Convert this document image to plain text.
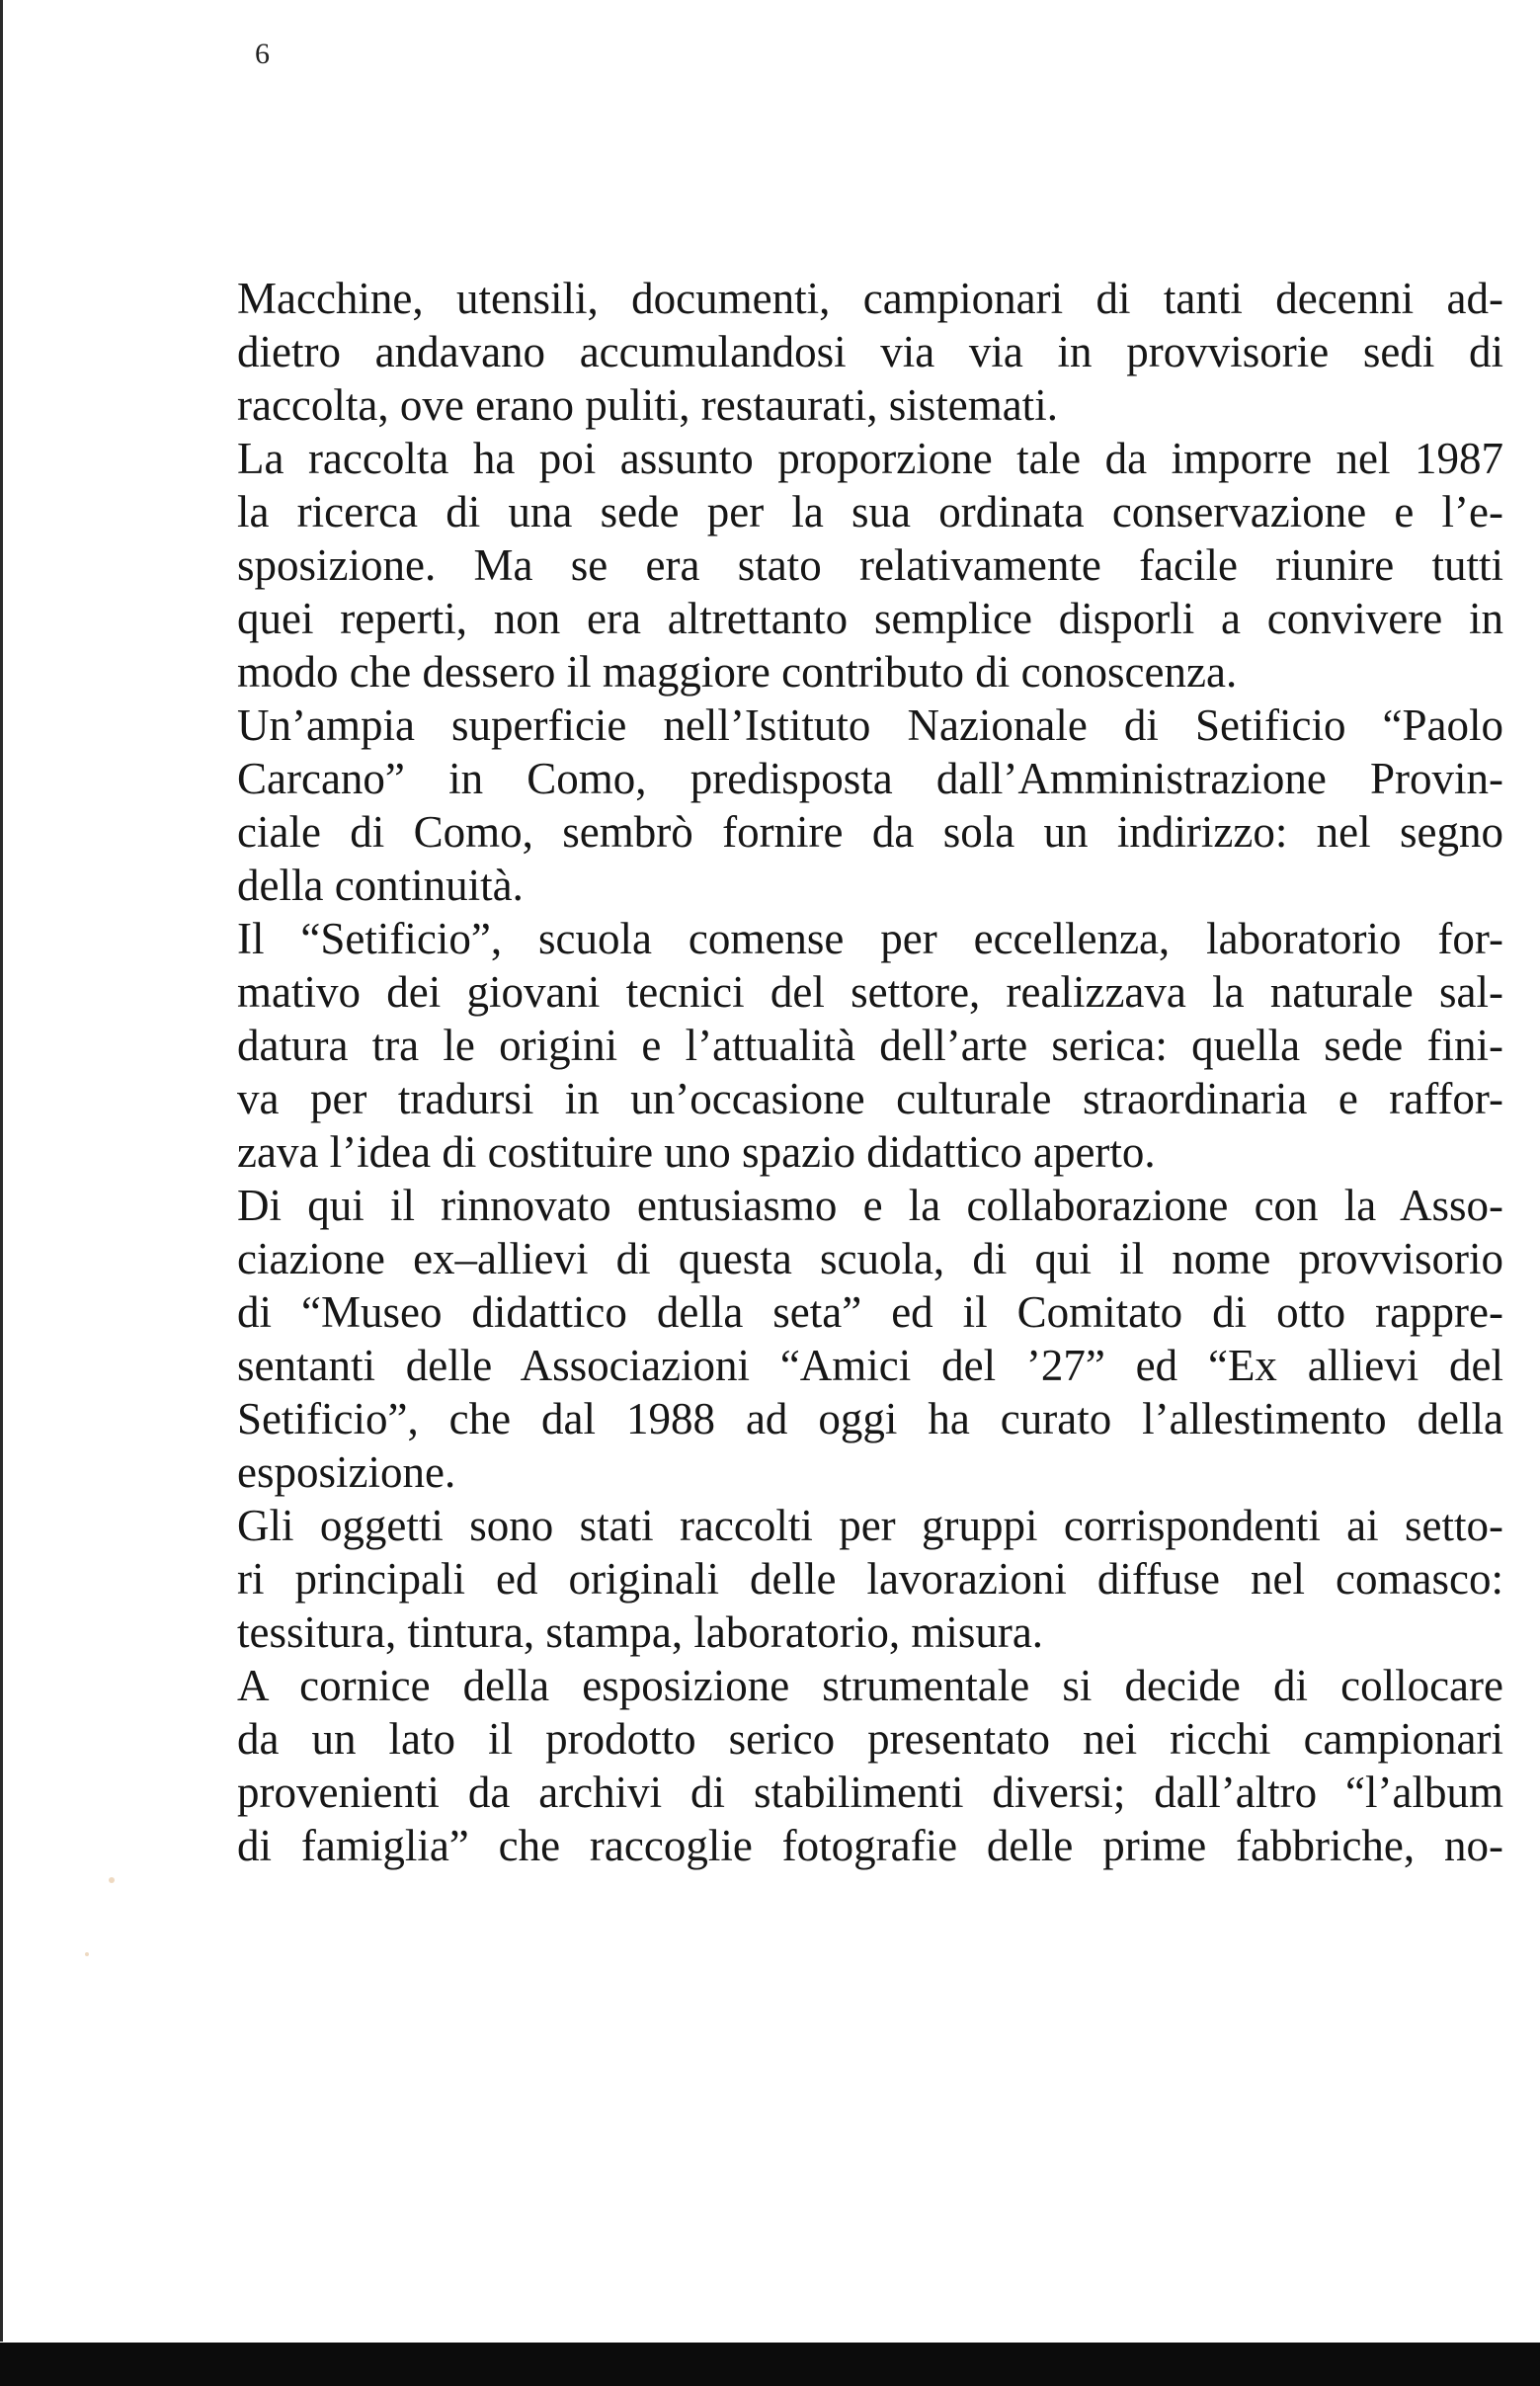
6

Macchine, utensili, documenti, campionari di tanti decenni ad-
dietro andavano accumulandosi via via in provvisorie sedi di
raccolta, ove erano puliti, restaurati, sistemati.

La raccolta ha poi assunto proporzione tale da imporre nel 1987
la ricerca di una sede per la sua ordinata conservazione e l’e-
sposizione. Ma se era stato relativamente facile riunire tutti
quei reperti, non era altrettanto semplice disporli a convivere in
modo che dessero il maggiore contributo di conoscenza.

Un’ampia superficie nell’Istituto Nazionale di Setificio “Paolo
Carcano” in Como, predisposta dall’Amministrazione Provin-
ciale di Como, sembrò fornire da sola un indirizzo: nel segno
della continuità.

Il “Setificio”, scuola comense per eccellenza, laboratorio for-
mativo dei giovani tecnici del settore, realizzava la naturale sal-
datura tra le origini e l’attualità dell’arte serica: quella sede fini-
va per tradursi in un’occasione culturale straordinaria e raffor-
zava l’idea di costituire uno spazio didattico aperto.

Di qui il rinnovato entusiasmo e la collaborazione con la Asso-
ciazione ex–allievi di questa scuola, di qui il nome provvisorio
di “Museo didattico della seta” ed il Comitato di otto rappre-
sentanti delle Associazioni “Amici del ’27” ed “Ex allievi del
Setificio”, che dal 1988 ad oggi ha curato l’allestimento della
esposizione.

Gli oggetti sono stati raccolti per gruppi corrispondenti ai setto-
ri principali ed originali delle lavorazioni diffuse nel comasco:
tessitura, tintura, stampa, laboratorio, misura.

A cornice della esposizione strumentale si decide di collocare
da un lato il prodotto serico presentato nei ricchi campionari
provenienti da archivi di stabilimenti diversi; dall’altro “l’album
di famiglia” che raccoglie fotografie delle prime fabbriche, no-
